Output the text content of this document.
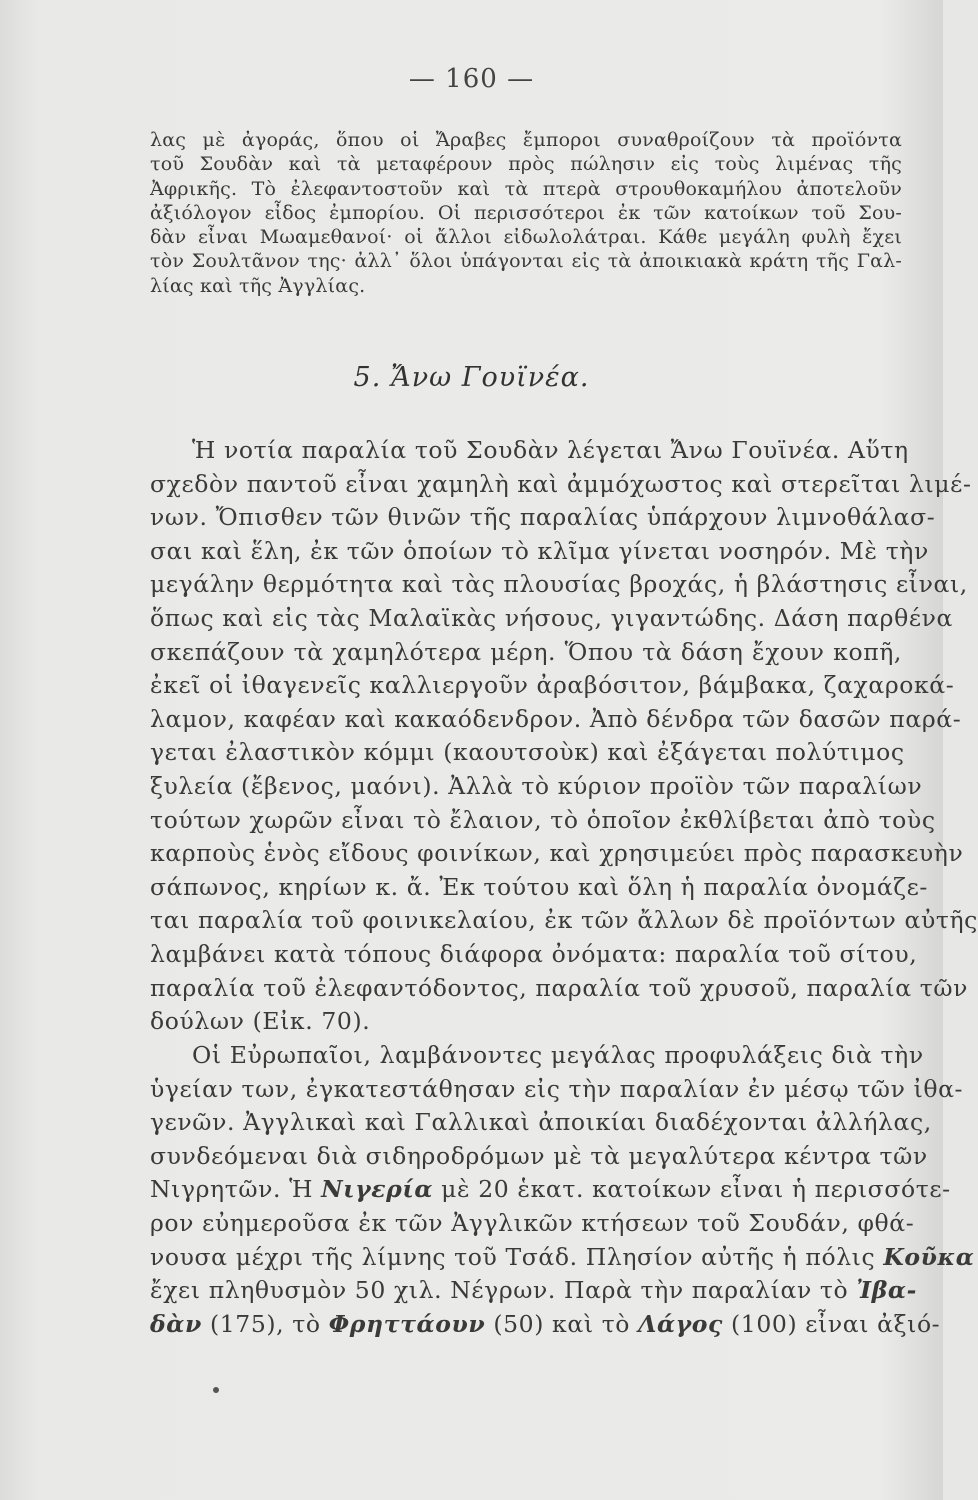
— 160 —
λας μὲ ἀγοράς, ὅπου οἱ Ἄραβες ἔμποροι συναθροίζουν τὰ προϊόντα
τοῦ Σουδὰν καὶ τὰ μεταφέρουν πρὸς πώλησιν εἰς τοὺς λιμένας τῆς
Ἀφρικῆς. Τὸ ἐλεφαντοστοῦν καὶ τὰ πτερὰ στρουθοκαμήλου ἀποτελοῦν
ἀξιόλογον εἶδος ἐμπορίου. Οἱ περισσότεροι ἐκ τῶν κατοίκων τοῦ Σου-
δὰν εἶναι Μωαμεθανοί· οἱ ἄλλοι εἰδωλολάτραι. Κάθε μεγάλη φυλὴ ἔχει
τὸν Σουλτᾶνον της· ἀλλ᾽ ὅλοι ὑπάγονται εἰς τὰ ἀποικιακὰ κράτη τῆς Γαλ-
λίας καὶ τῆς Ἀγγλίας.
5. Ἄνω Γουϊνέα.
Ἡ νοτία παραλία τοῦ Σουδὰν λέγεται Ἄνω Γουϊνέα. Αὕτη
σχεδὸν παντοῦ εἶναι χαμηλὴ καὶ ἀμμόχωστος καὶ στερεῖται λιμέ-
νων. Ὄπισθεν τῶν θινῶν τῆς παραλίας ὑπάρχουν λιμνοθάλασ-
σαι καὶ ἕλη, ἐκ τῶν ὁποίων τὸ κλῖμα γίνεται νοσηρόν. Μὲ τὴν
μεγάλην θερμότητα καὶ τὰς πλουσίας βροχάς, ἡ βλάστησις εἶναι,
ὅπως καὶ εἰς τὰς Μαλαϊκὰς νήσους, γιγαντώδης. Δάση παρθένα
σκεπάζουν τὰ χαμηλότερα μέρη. Ὅπου τὰ δάση ἔχουν κοπῆ,
ἐκεῖ οἱ ἰθαγενεῖς καλλιεργοῦν ἀραβόσιτον, βάμβακα, ζαχαροκά-
λαμον, καφέαν καὶ κακαόδενδρον. Ἀπὸ δένδρα τῶν δασῶν παρά-
γεται ἐλαστικὸν κόμμι (καουτσοὺκ) καὶ ἐξάγεται πολύτιμος
ξυλεία (ἔβενος, μαόνι). Ἀλλὰ τὸ κύριον προϊὸν τῶν παραλίων
τούτων χωρῶν εἶναι τὸ ἔλαιον, τὸ ὁποῖον ἐκθλίβεται ἀπὸ τοὺς
καρποὺς ἑνὸς εἴδους φοινίκων, καὶ χρησιμεύει πρὸς παρασκευὴν
σάπωνος, κηρίων κ. ἄ. Ἐκ τούτου καὶ ὅλη ἡ παραλία ὀνομάζε-
ται παραλία τοῦ φοινικελαίου, ἐκ τῶν ἄλλων δὲ προϊόντων αὐτῆς
λαμβάνει κατὰ τόπους διάφορα ὀνόματα: παραλία τοῦ σίτου,
παραλία τοῦ ἐλεφαντόδοντος, παραλία τοῦ χρυσοῦ, παραλία τῶν
δούλων (Εἰκ. 70).
Οἱ Εὐρωπαῖοι, λαμβάνοντες μεγάλας προφυλάξεις διὰ τὴν
ὑγείαν των, ἐγκατεστάθησαν εἰς τὴν παραλίαν ἐν μέσῳ τῶν ἰθα-
γενῶν. Ἀγγλικαὶ καὶ Γαλλικαὶ ἀποικίαι διαδέχονται ἀλλήλας,
συνδεόμεναι διὰ σιδηροδρόμων μὲ τὰ μεγαλύτερα κέντρα τῶν
Νιγρητῶν. Ἡ Νιγερία μὲ 20 ἑκατ. κατοίκων εἶναι ἡ περισσότε-
ρον εὐημεροῦσα ἐκ τῶν Ἀγγλικῶν κτήσεων τοῦ Σουδάν, φθά-
νουσα μέχρι τῆς λίμνης τοῦ Τσάδ. Πλησίον αὐτῆς ἡ πόλις Κοῦκα
ἔχει πληθυσμὸν 50 χιλ. Νέγρων. Παρὰ τὴν παραλίαν τὸ Ἰβα-
δὰν (175), τὸ Φρηττάουν (50) καὶ τὸ Λάγος (100) εἶναι ἀξιό-
